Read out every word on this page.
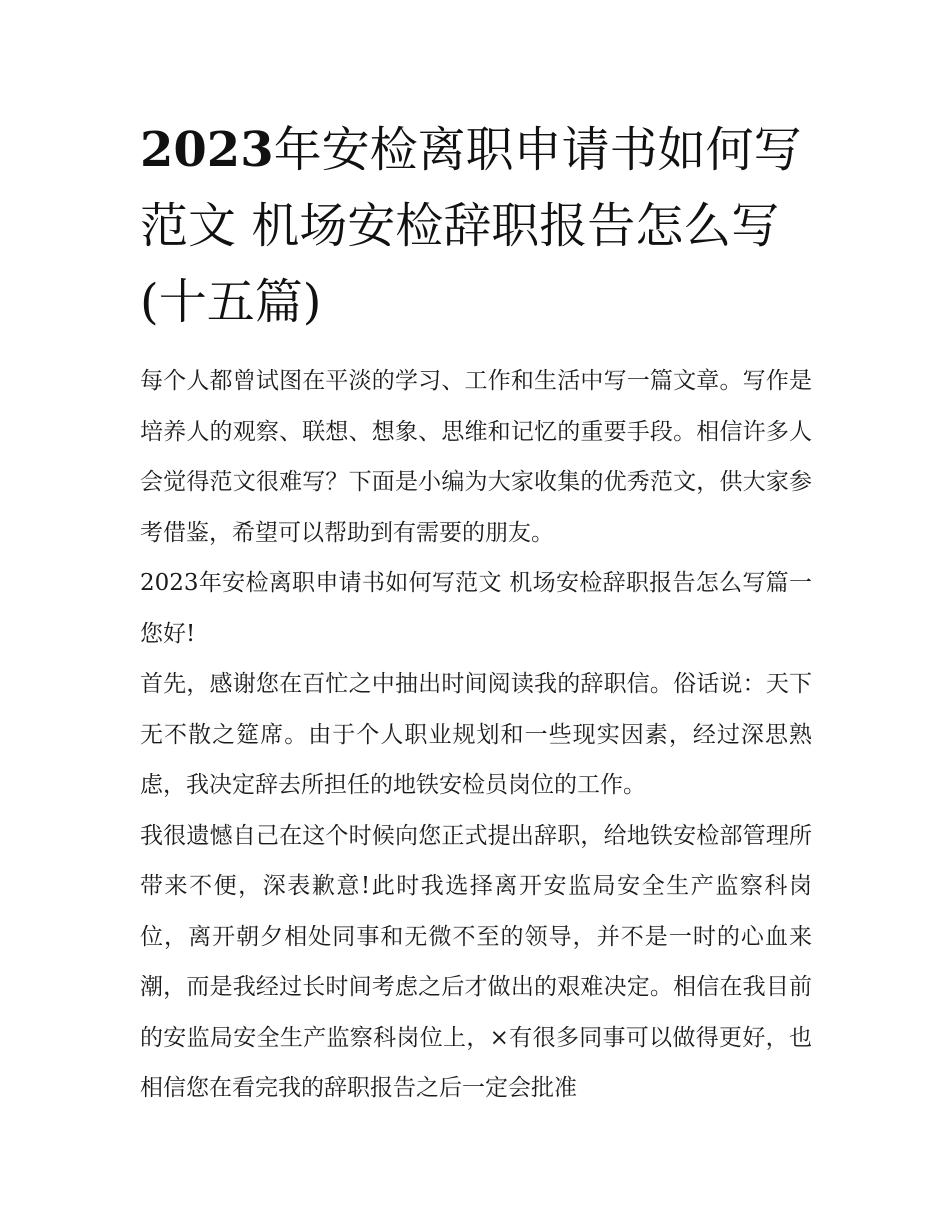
2023年安检离职申请书如何写范文 机场安检辞职报告怎么写(十五篇)

每个人都曾试图在平淡的学习、工作和生活中写一篇文章。写作是培养人的观察、联想、想象、思维和记忆的重要手段。相信许多人会觉得范文很难写？下面是小编为大家收集的优秀范文，供大家参考借鉴，希望可以帮助到有需要的朋友。

2023年安检离职申请书如何写范文 机场安检辞职报告怎么写篇一 您好!

首先，感谢您在百忙之中抽出时间阅读我的辞职信。俗话说：天下无不散之筵席。由于个人职业规划和一些现实因素，经过深思熟虑，我决定辞去所担任的地铁安检员岗位的工作。

我很遗憾自己在这个时候向您正式提出辞职，给地铁安检部管理所带来不便，深表歉意!此时我选择离开安监局安全生产监察科岗位，离开朝夕相处同事和无微不至的领导，并不是一时的心血来潮，而是我经过长时间考虑之后才做出的艰难决定。相信在我目前的安监局安全生产监察科岗位上，×有很多同事可以做得更好，也相信您在看完我的辞职报告之后一定会批准
